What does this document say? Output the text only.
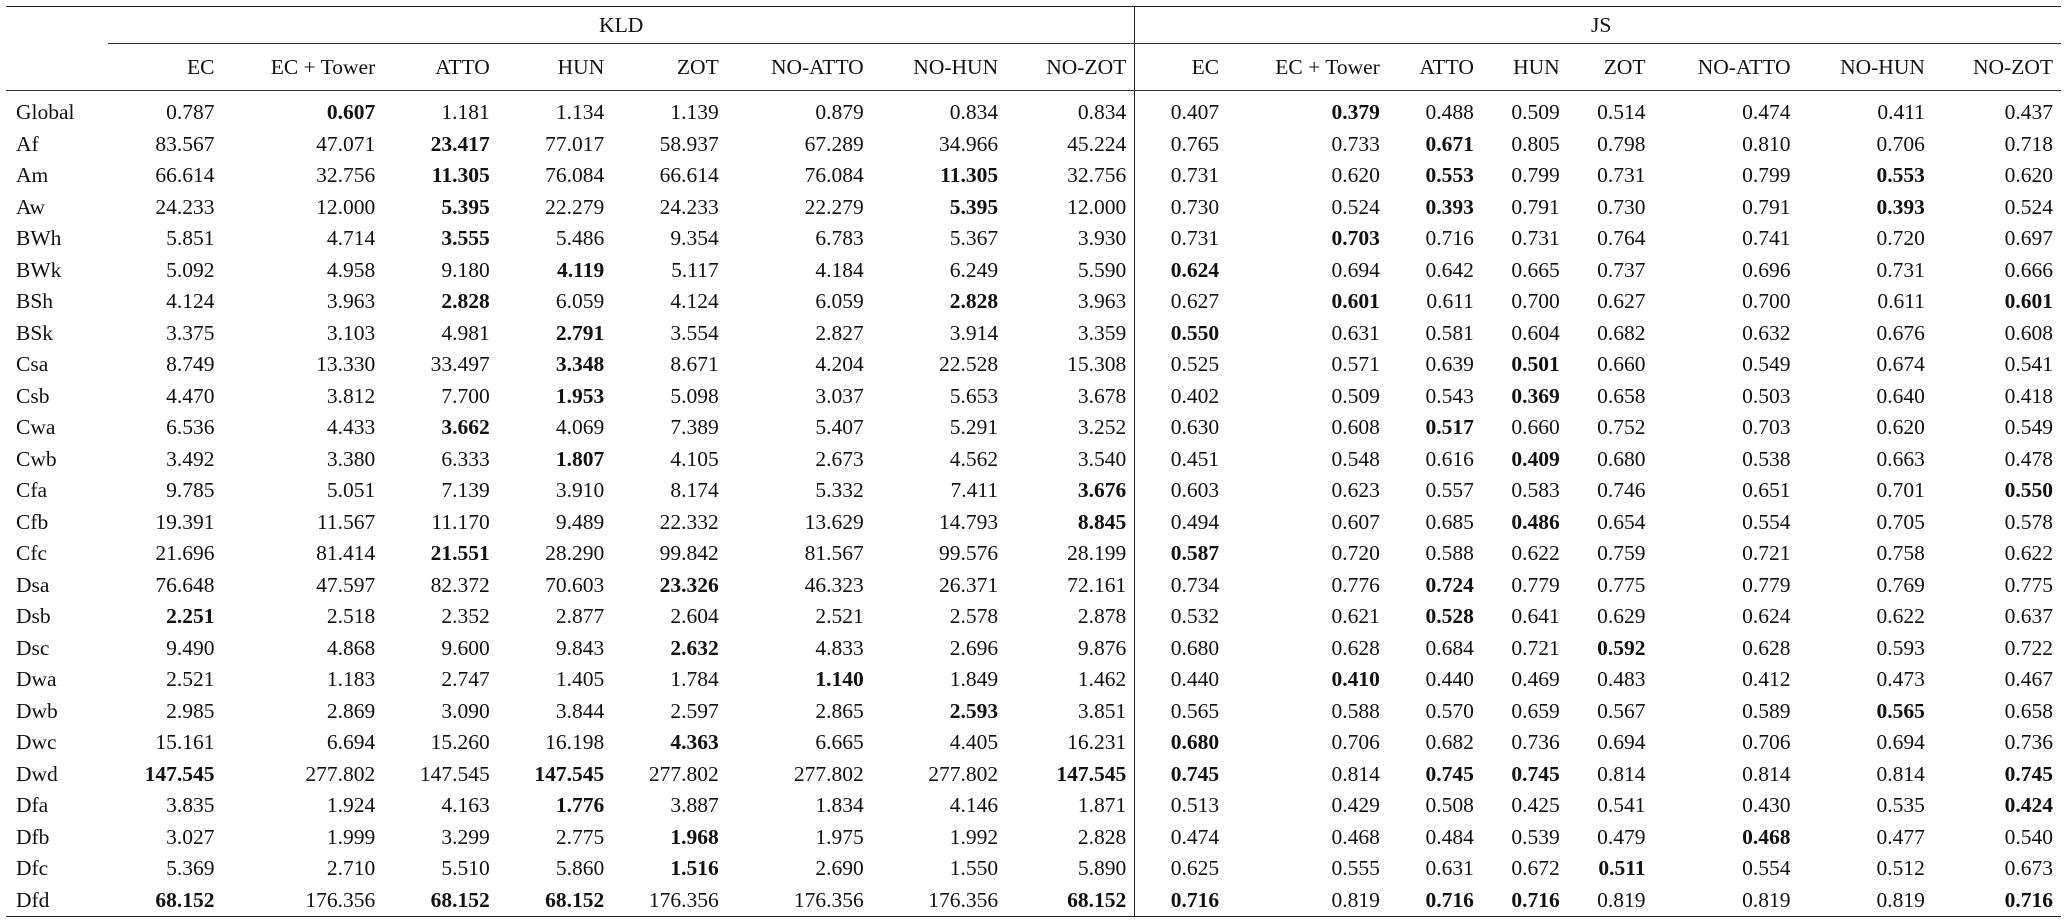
	KLD									JS							
	EC	EC + Tower	ATTO	HUN	ZOT	NO-ATTO	NO-HUN	NO-ZOT		EC	EC + Tower	ATTO	HUN	ZOT	NO-ATTO	NO-HUN	NO-ZOT
Global	0.787	0.607	1.181	1.134	1.139	0.879	0.834	0.834		0.407	0.379	0.488	0.509	0.514	0.474	0.411	0.437
Af	83.567	47.071	23.417	77.017	58.937	67.289	34.966	45.224		0.765	0.733	0.671	0.805	0.798	0.810	0.706	0.718
Am	66.614	32.756	11.305	76.084	66.614	76.084	11.305	32.756		0.731	0.620	0.553	0.799	0.731	0.799	0.553	0.620
Aw	24.233	12.000	5.395	22.279	24.233	22.279	5.395	12.000		0.730	0.524	0.393	0.791	0.730	0.791	0.393	0.524
BWh	5.851	4.714	3.555	5.486	9.354	6.783	5.367	3.930		0.731	0.703	0.716	0.731	0.764	0.741	0.720	0.697
BWk	5.092	4.958	9.180	4.119	5.117	4.184	6.249	5.590		0.624	0.694	0.642	0.665	0.737	0.696	0.731	0.666
BSh	4.124	3.963	2.828	6.059	4.124	6.059	2.828	3.963		0.627	0.601	0.611	0.700	0.627	0.700	0.611	0.601
BSk	3.375	3.103	4.981	2.791	3.554	2.827	3.914	3.359		0.550	0.631	0.581	0.604	0.682	0.632	0.676	0.608
Csa	8.749	13.330	33.497	3.348	8.671	4.204	22.528	15.308		0.525	0.571	0.639	0.501	0.660	0.549	0.674	0.541
Csb	4.470	3.812	7.700	1.953	5.098	3.037	5.653	3.678		0.402	0.509	0.543	0.369	0.658	0.503	0.640	0.418
Cwa	6.536	4.433	3.662	4.069	7.389	5.407	5.291	3.252		0.630	0.608	0.517	0.660	0.752	0.703	0.620	0.549
Cwb	3.492	3.380	6.333	1.807	4.105	2.673	4.562	3.540		0.451	0.548	0.616	0.409	0.680	0.538	0.663	0.478
Cfa	9.785	5.051	7.139	3.910	8.174	5.332	7.411	3.676		0.603	0.623	0.557	0.583	0.746	0.651	0.701	0.550
Cfb	19.391	11.567	11.170	9.489	22.332	13.629	14.793	8.845		0.494	0.607	0.685	0.486	0.654	0.554	0.705	0.578
Cfc	21.696	81.414	21.551	28.290	99.842	81.567	99.576	28.199		0.587	0.720	0.588	0.622	0.759	0.721	0.758	0.622
Dsa	76.648	47.597	82.372	70.603	23.326	46.323	26.371	72.161		0.734	0.776	0.724	0.779	0.775	0.779	0.769	0.775
Dsb	2.251	2.518	2.352	2.877	2.604	2.521	2.578	2.878		0.532	0.621	0.528	0.641	0.629	0.624	0.622	0.637
Dsc	9.490	4.868	9.600	9.843	2.632	4.833	2.696	9.876		0.680	0.628	0.684	0.721	0.592	0.628	0.593	0.722
Dwa	2.521	1.183	2.747	1.405	1.784	1.140	1.849	1.462		0.440	0.410	0.440	0.469	0.483	0.412	0.473	0.467
Dwb	2.985	2.869	3.090	3.844	2.597	2.865	2.593	3.851		0.565	0.588	0.570	0.659	0.567	0.589	0.565	0.658
Dwc	15.161	6.694	15.260	16.198	4.363	6.665	4.405	16.231		0.680	0.706	0.682	0.736	0.694	0.706	0.694	0.736
Dwd	147.545	277.802	147.545	147.545	277.802	277.802	277.802	147.545		0.745	0.814	0.745	0.745	0.814	0.814	0.814	0.745
Dfa	3.835	1.924	4.163	1.776	3.887	1.834	4.146	1.871		0.513	0.429	0.508	0.425	0.541	0.430	0.535	0.424
Dfb	3.027	1.999	3.299	2.775	1.968	1.975	1.992	2.828		0.474	0.468	0.484	0.539	0.479	0.468	0.477	0.540
Dfc	5.369	2.710	5.510	5.860	1.516	2.690	1.550	5.890		0.625	0.555	0.631	0.672	0.511	0.554	0.512	0.673
Dfd	68.152	176.356	68.152	68.152	176.356	176.356	176.356	68.152		0.716	0.819	0.716	0.716	0.819	0.819	0.819	0.716
